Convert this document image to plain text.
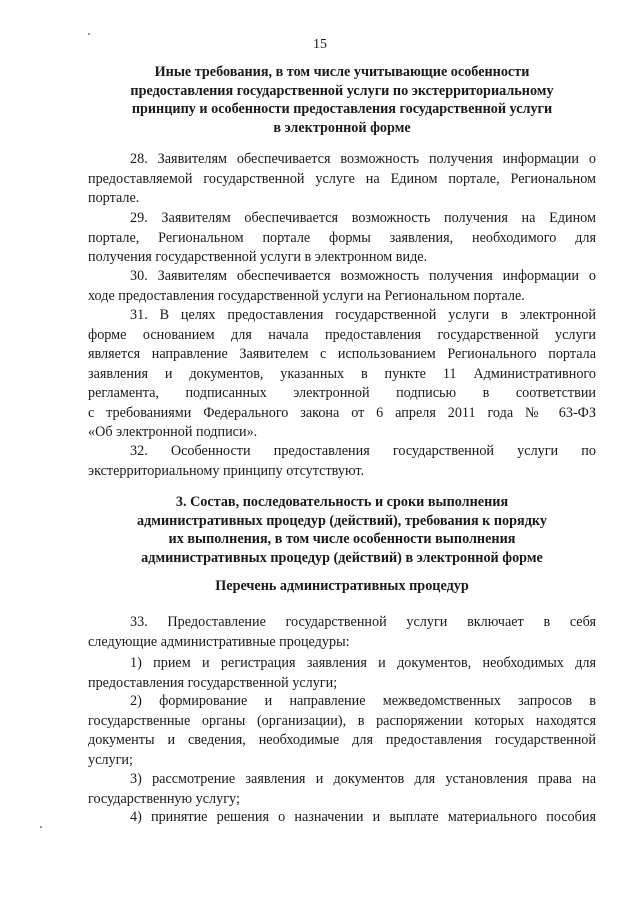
15
Иные требования, в том числе учитывающие особенности
предоставления государственной услуги по экстерриториальному
принципу и особенности предоставления государственной услуги
в электронной форме
28. Заявителям обеспечивается возможность получения информации о
предоставляемой государственной услуге на Едином портале, Региональном
портале.
29. Заявителям обеспечивается возможность получения на Едином
портале, Региональном портале формы заявления, необходимого для
получения государственной услуги в электронном виде.
30. Заявителям обеспечивается возможность получения информации о
ходе предоставления государственной услуги на Региональном портале.
31. В целях предоставления государственной услуги в электронной
форме основанием для начала предоставления государственной услуги
является направление Заявителем с использованием Регионального портала
заявления и документов, указанных в пункте 11 Административного
регламента, подписанных электронной подписью в соответствии
с требованиями Федерального закона от 6 апреля 2011 года № 63-ФЗ
«Об электронной подписи».
32. Особенности предоставления государственной услуги по
экстерриториальному принципу отсутствуют.
3. Состав, последовательность и сроки выполнения
административных процедур (действий), требования к порядку
их выполнения, в том числе особенности выполнения
административных процедур (действий) в электронной форме
Перечень административных процедур
33. Предоставление государственной услуги включает в себя
следующие административные процедуры:
1) прием и регистрация заявления и документов, необходимых для
предоставления государственной услуги;
2) формирование и направление межведомственных запросов в
государственные органы (организации), в распоряжении которых находятся
документы и сведения, необходимые для предоставления государственной
услуги;
3) рассмотрение заявления и документов для установления права на
государственную услугу;
4) принятие решения о назначении и выплате материального пособия
